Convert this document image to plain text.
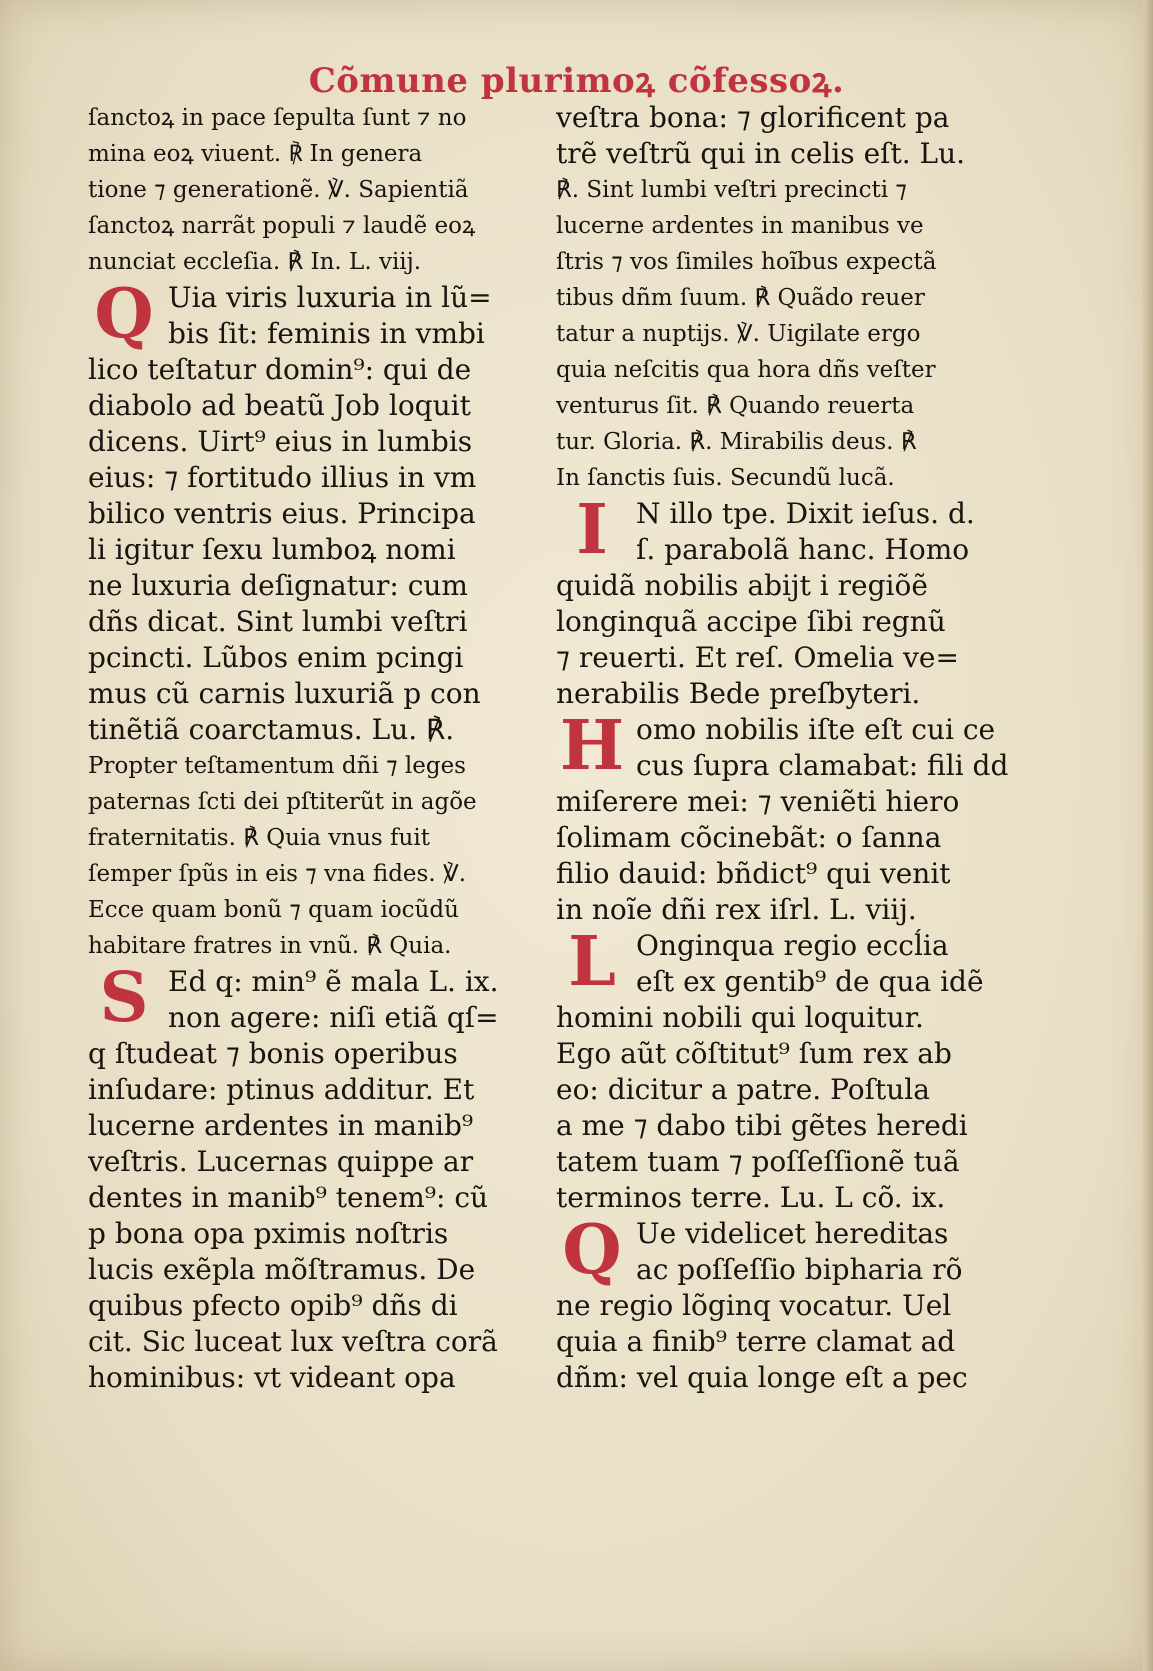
Cõmune plurimoꝝ cõfessoꝝ.
ſanctoꝝ in pace ſepulta ſunt ⁊ no
mina eoꝝ viuent. ℟ In genera
tione ⁊ generationẽ. ℣. Sapientiã
ſanctoꝝ narrãt populi ⁊ laudẽ eoꝝ
nunciat eccleſia. ℟ In. L. viij.
Q Uia viris luxuria in lũ=
bis ſit: feminis in vmbi
lico teſtatur domin⁹: qui de
diabolo ad beatũ Job loquit
dicens. Uirt⁹ eius in lumbis
eius: ⁊ fortitudo illius in vm
bilico ventris eius. Principa
li igitur ſexu lumboꝝ nomi
ne luxuria deſignatur: cum
dñs dicat. Sint lumbi veſtri
pcincti. Lũbos enim pcingi
mus cũ carnis luxuriã p con
tinẽtiã coarctamus. Lu. ℟.
Propter teſtamentum dñi ⁊ leges
paternas ſcti dei pſtiterũt in agõe
fraternitatis. ℟ Quia vnus fuit
ſemper ſpũs in eis ⁊ vna fides. ℣.
Ecce quam bonũ ⁊ quam iocũdũ
habitare fratres in vnũ. ℟ Quia.
S Ed q: min⁹ ẽ mala L. ix.
non agere: niſi etiã qſ=
q ſtudeat ⁊ bonis operibus
inſudare: ptinus additur. Et
lucerne ardentes in manib⁹
veſtris. Lucernas quippe ar
dentes in manib⁹ tenem⁹: cũ
p bona opa pximis noſtris
lucis exẽpla mõſtramus. De
quibus pfecto opib⁹ dñs di
cit. Sic luceat lux veſtra corã
hominibus: vt videant opa
veſtra bona: ⁊ glorificent pa
trẽ veſtrũ qui in celis eſt. Lu.
℟. Sint lumbi veſtri precincti ⁊
lucerne ardentes in manibus ve
ſtris ⁊ vos ſimiles hoĩbus expectã
tibus dñm ſuum. ℟ Quãdo reuer
tatur a nuptijs. ℣. Uigilate ergo
quia neſcitis qua hora dñs veſter
venturus ſit. ℟ Quando reuerta
tur. Gloria. ℟. Mirabilis deus. ℟
In ſanctis ſuis. Secundũ lucã.
I	N illo tpe. Dixit ieſus. d.
ſ. parabolã hanc. Homo
quidã nobilis abijt i regiõẽ
longinquã accipe ſibi regnũ
⁊ reuerti. Et reſ. Omelia ve=
nerabilis Bede preſbyteri.
H omo nobilis iſte eſt cui ce
cus ſupra clamabat: fili dd
miſerere mei: ⁊ veniẽti hiero
ſolimam cõcinebãt: o ſanna
filio dauid: bñdict⁹ qui venit
in noĩe dñi rex iſrl. L. viij.
L Onginqua regio eccĺia
eſt ex gentib⁹ de qua idẽ
homini nobili qui loquitur.
Ego aũt cõſtitut⁹ ſum rex ab
eo: dicitur a patre. Poſtula
a me ⁊ dabo tibi gẽtes heredi
tatem tuam ⁊ poſſeſſionẽ tuã
terminos terre. Lu. L cõ. ix.
Q Ue videlicet hereditas
ac poſſeſſio bipharia rõ
ne regio lõginq vocatur. Uel
quia a finib⁹ terre clamat ad
dñm: vel quia longe eſt a pec
